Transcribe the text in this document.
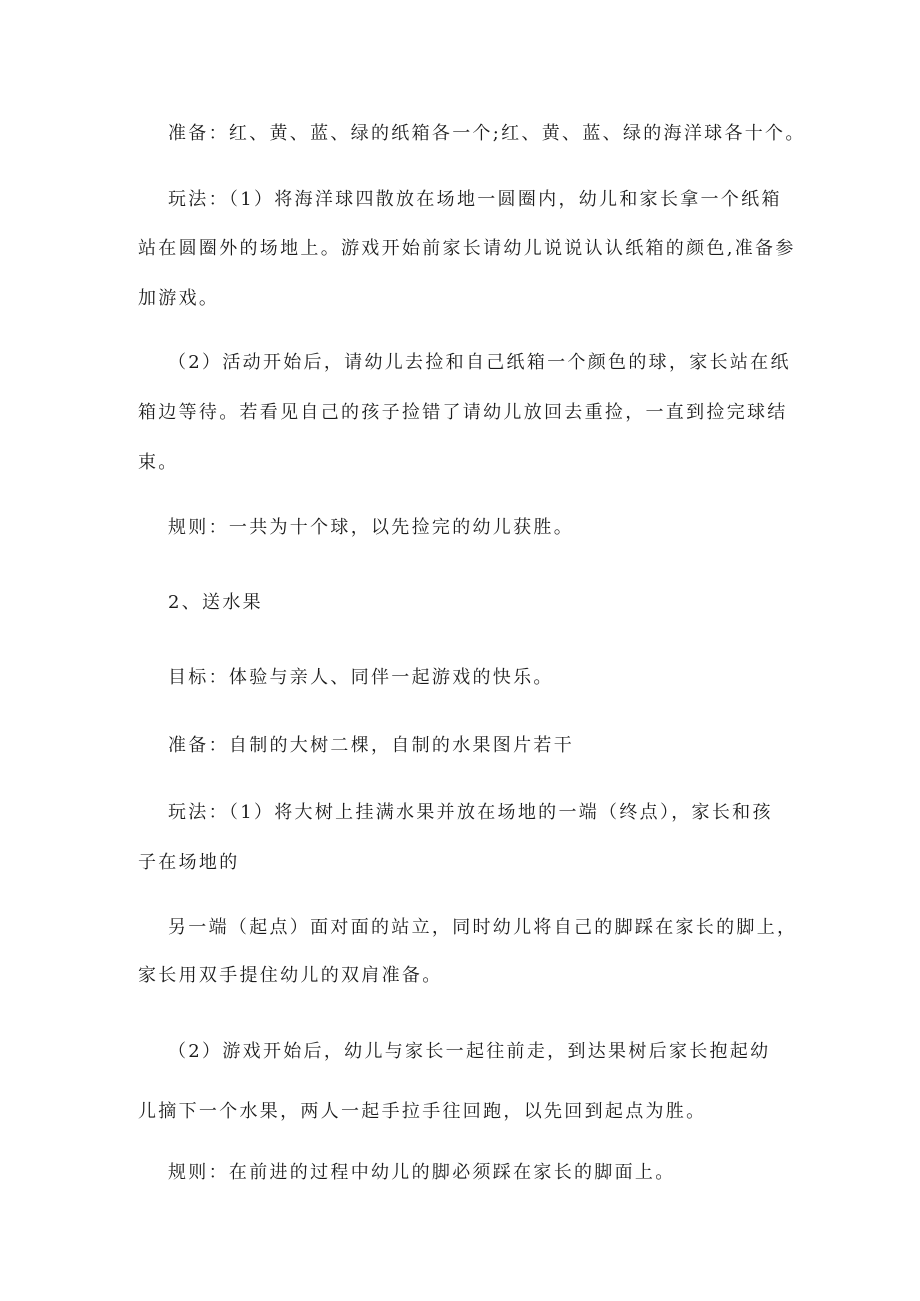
准备：红、黄、蓝、绿的纸箱各一个;红、黄、蓝、绿的海洋球各十个。
玩法：（1）将海洋球四散放在场地一圆圈内，幼儿和家长拿一个纸箱
站在圆圈外的场地上。游戏开始前家长请幼儿说说认认纸箱的颜色,准备参
加游戏。
（2）活动开始后，请幼儿去捡和自己纸箱一个颜色的球，家长站在纸
箱边等待。若看见自己的孩子捡错了请幼儿放回去重捡，一直到捡完球结
束。
规则：一共为十个球，以先捡完的幼儿获胜。
2、送水果
目标：体验与亲人、同伴一起游戏的快乐。
准备：自制的大树二棵，自制的水果图片若干
玩法：（1）将大树上挂满水果并放在场地的一端（终点），家长和孩
子在场地的
另一端（起点）面对面的站立，同时幼儿将自己的脚踩在家长的脚上，
家长用双手提住幼儿的双肩准备。
（2）游戏开始后，幼儿与家长一起往前走，到达果树后家长抱起幼
儿摘下一个水果，两人一起手拉手往回跑，以先回到起点为胜。
规则：在前进的过程中幼儿的脚必须踩在家长的脚面上。
